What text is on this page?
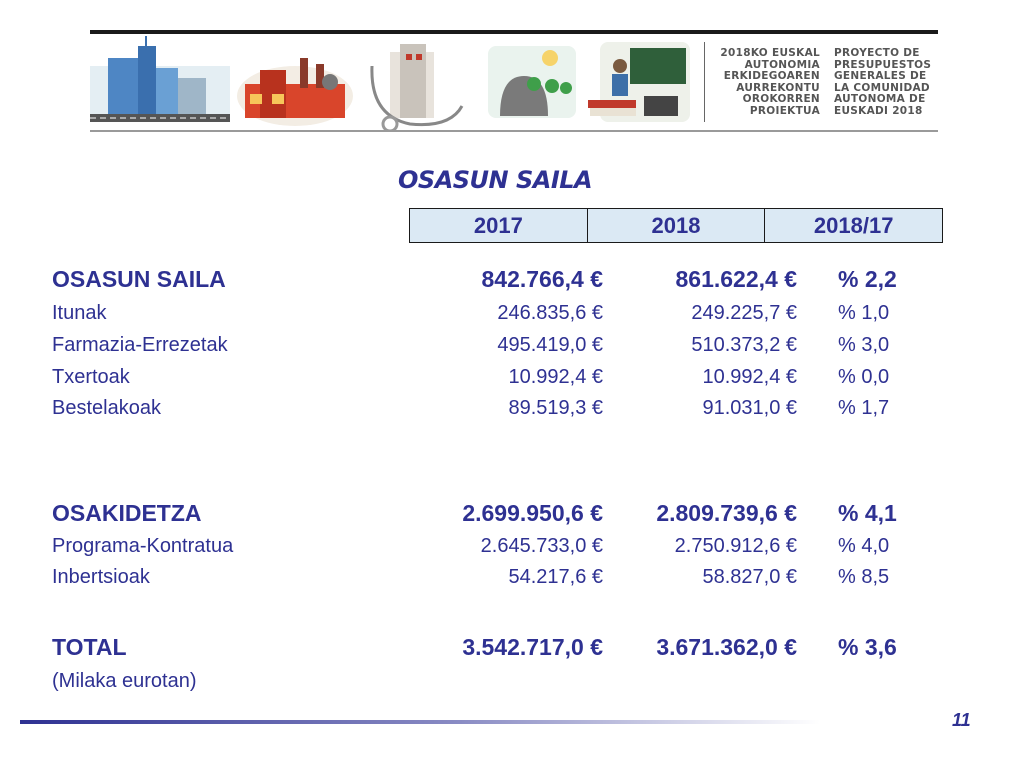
2018KO EUSKAL
AUTONOMIA
ERKIDEGOAREN
AURREKONTU
OROKORREN
PROIEKTUA
PROYECTO DE
PRESUPUESTOS
GENERALES DE
LA COMUNIDAD
AUTONOMA DE
EUSKADI 2018
OSASUN SAILA
2017	2018	2018/17
OSASUN SAILA	842.766,4 €	861.622,4 € % 2,2
Itunak	246.835,6 €	249.225,7 € % 1,0
Farmazia-Errezetak	495.419,0 €	510.373,2 € % 3,0
Txertoak	10.992,4 €	10.992,4 € % 0,0
Bestelakoak	89.519,3 €	91.031,0 € % 1,7
OSAKIDETZA	2.699.950,6 € 2.809.739,6 € % 4,1
Programa-Kontratua	2.645.733,0 €	2.750.912,6 € % 4,0
Inbertsioak	54.217,6 €	58.827,0 € % 8,5
TOTAL	3.542.717,0 € 3.671.362,0 € % 3,6
(Milaka eurotan)
11
